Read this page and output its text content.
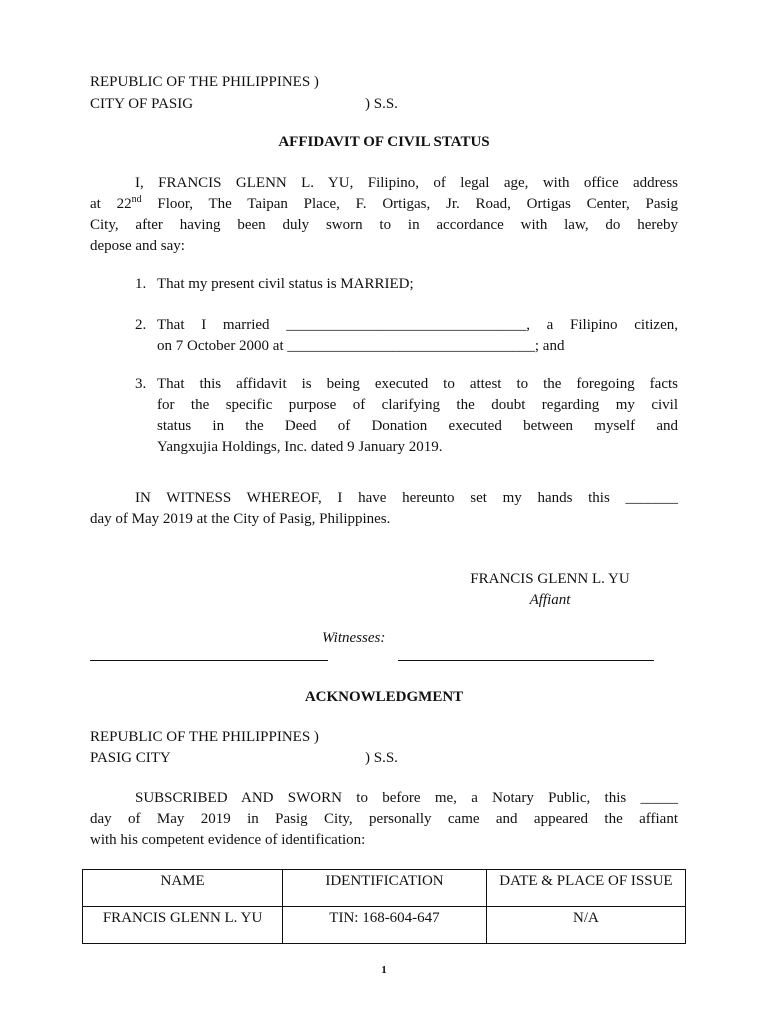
REPUBLIC OF THE PHILIPPINES )
CITY OF PASIG	) S.S.
AFFIDAVIT OF CIVIL STATUS
I, FRANCIS GLENN L. YU, Filipino, of legal age, with office address
at 22nd Floor, The Taipan Place, F. Ortigas, Jr. Road, Ortigas Center, Pasig
City, after having been duly sworn to in accordance with law, do hereby
depose and say:
1. That my present civil status is MARRIED;
2. That I married ________________________________, a Filipino citizen,
on 7 October 2000 at _________________________________; and
3. That this affidavit is being executed to attest to the foregoing facts
for the specific purpose of clarifying the doubt regarding my civil
status in the Deed of Donation executed between myself and
Yangxujia Holdings, Inc. dated 9 January 2019.
IN WITNESS WHEREOF, I have hereunto set my hands this _______
day of May 2019 at the City of Pasig, Philippines.
FRANCIS GLENN L. YU
Affiant
Witnesses:
ACKNOWLEDGMENT
REPUBLIC OF THE PHILIPPINES )
PASIG CITY	) S.S.
SUBSCRIBED AND SWORN to before me, a Notary Public, this _____
day of May 2019 in Pasig City, personally came and appeared the affiant
with his competent evidence of identification:
NAME	IDENTIFICATION	DATE & PLACE OF ISSUE
FRANCIS GLENN L. YU	TIN: 168-604-647	N/A
1
